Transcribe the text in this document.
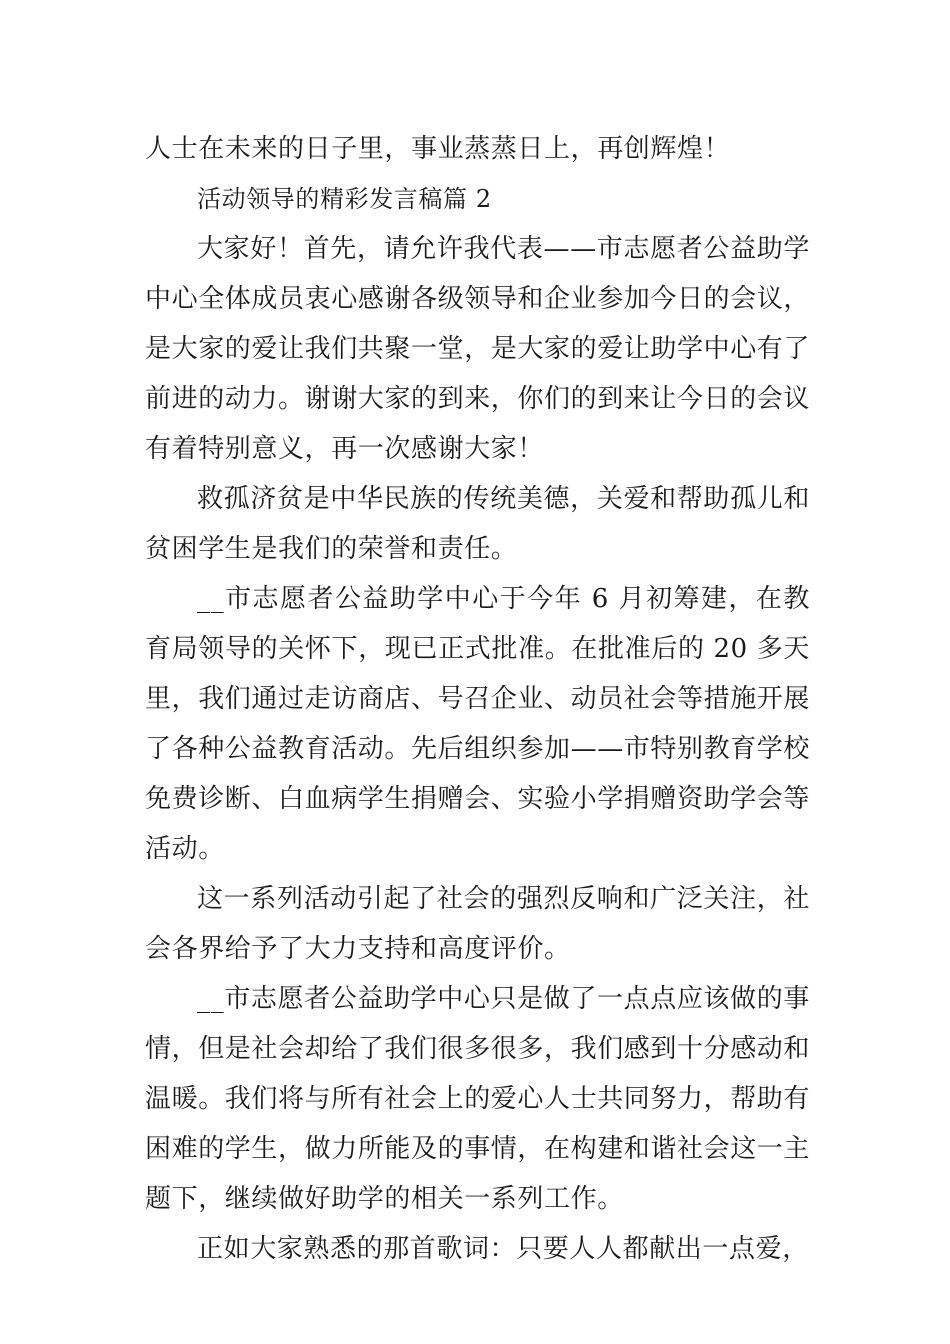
人士在未来的日子里，事业蒸蒸日上，再创辉煌！

活动领导的精彩发言稿篇 2

大家好！首先，请允许我代表——市志愿者公益助学中心全体成员衷心感谢各级领导和企业参加今日的会议，是大家的爱让我们共聚一堂，是大家的爱让助学中心有了前进的动力。谢谢大家的到来，你们的到来让今日的会议有着特别意义，再一次感谢大家！

救孤济贫是中华民族的传统美德，关爱和帮助孤儿和贫困学生是我们的荣誉和责任。

__市志愿者公益助学中心于今年 6 月初筹建，在教育局领导的关怀下，现已正式批准。在批准后的 20 多天里，我们通过走访商店、号召企业、动员社会等措施开展了各种公益教育活动。先后组织参加——市特别教育学校免费诊断、白血病学生捐赠会、实验小学捐赠资助学会等活动。

这一系列活动引起了社会的强烈反响和广泛关注，社会各界给予了大力支持和高度评价。

__市志愿者公益助学中心只是做了一点点应该做的事情，但是社会却给了我们很多很多，我们感到十分感动和温暖。我们将与所有社会上的爱心人士共同努力，帮助有困难的学生，做力所能及的事情，在构建和谐社会这一主题下，继续做好助学的相关一系列工作。

正如大家熟悉的那首歌词：只要人人都献出一点爱，
